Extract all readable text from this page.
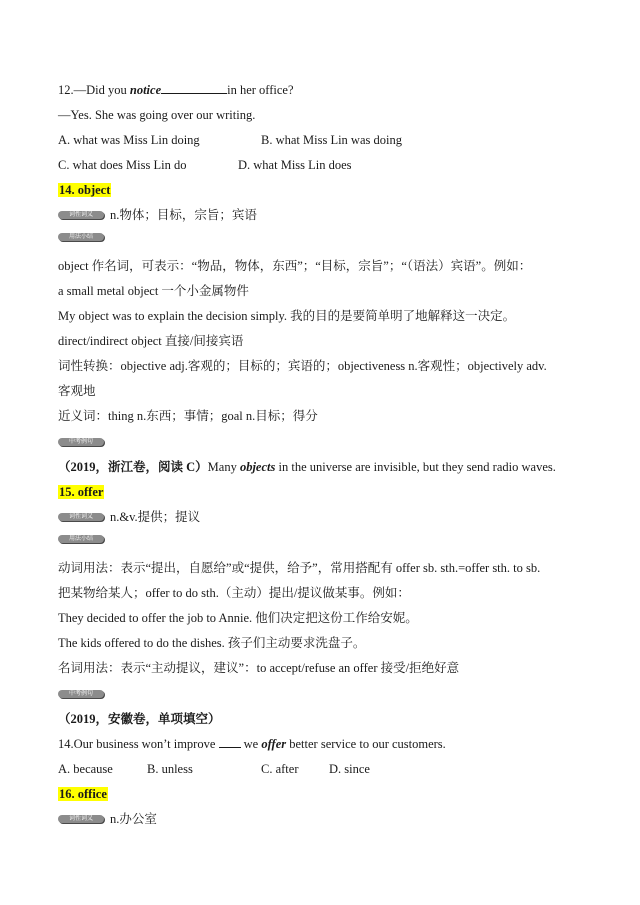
12.—Did you notice	in her office?
—Yes. She was going over our writing.
A. what was Miss Lin doing	B. what Miss Lin was doing
C. what does Miss Lin do	D. what Miss Lin does
14. object
词性词义 n.物体；目标，宗旨；宾语
用法小结
object 作名词，可表示：“物品，物体，东西”；“目标，宗旨”；“（语法）宾语”。例如：
a small metal object 一个小金属物件
My object was to explain the decision simply. 我的目的是要简单明了地解释这一决定。
direct/indirect object 直接/间接宾语
词性转换：objective adj.客观的；目标的；宾语的；objectiveness n.客观性；objectively adv.
客观地
近义词：thing n.东西；事情；goal n.目标；得分
中考例句
（2019，浙江卷，阅读 C）Many objects in the universe are invisible, but they send radio waves.
15. offer
词性词义 n.&v.提供；提议
用法小结
动词用法：表示“提出，自愿给”或“提供，给予”，常用搭配有 offer sb. sth.=offer sth. to sb.
把某物给某人；offer to do sth.（主动）提出/提议做某事。例如：
They decided to offer the job to Annie. 他们决定把这份工作给安妮。
The kids offered to do the dishes. 孩子们主动要求洗盘子。
名词用法：表示“主动提议，建议”：to accept/refuse an offer 接受/拒绝好意
中考例句
（2019，安徽卷，单项填空）
14.Our business won’t improve  we offer better service to our customers.
A. because	B. unless	C. after D. since
16. office
词性词义 n.办公室
